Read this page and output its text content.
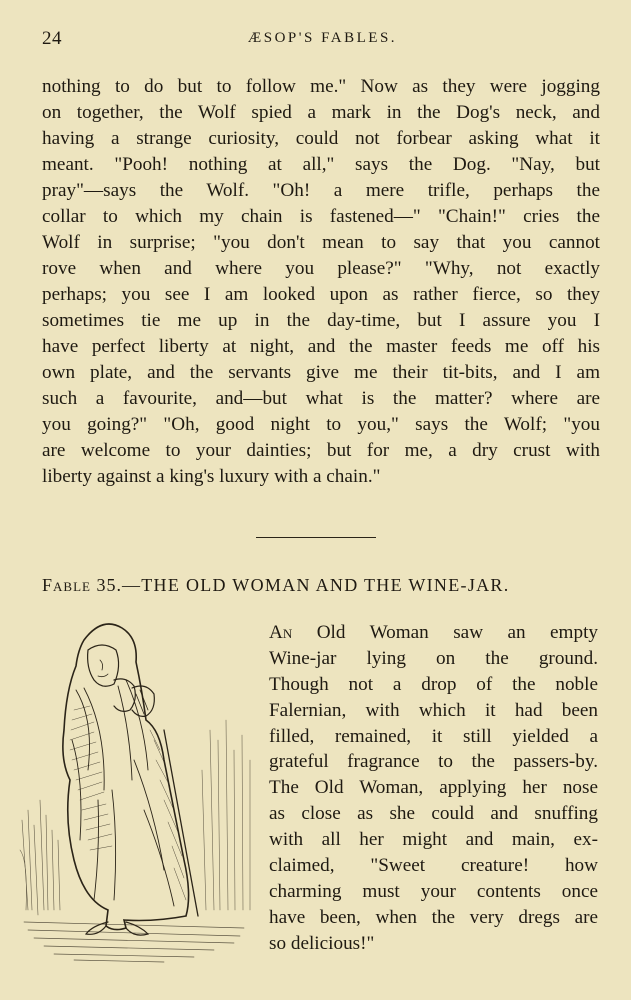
24	ÆSOP'S FABLES.
nothing to do but to follow me." Now as they were jogging
on together, the Wolf spied a mark in the Dog's neck, and
having a strange curiosity, could not forbear asking what it
meant. "Pooh! nothing at all," says the Dog. "Nay, but
pray"—says the Wolf. "Oh! a mere trifle, perhaps the
collar to which my chain is fastened—" "Chain!" cries the
Wolf in surprise; "you don't mean to say that you cannot
rove when and where you please?" "Why, not exactly
perhaps; you see I am looked upon as rather fierce, so they
sometimes tie me up in the day-time, but I assure you I
have perfect liberty at night, and the master feeds me off his
own plate, and the servants give me their tit-bits, and I am
such a favourite, and—but what is the matter? where are
you going?" "Oh, good night to you," says the Wolf; "you
are welcome to your dainties; but for me, a dry crust with
liberty against a king's luxury with a chain."
Fable 35.—THE OLD WOMAN AND THE WINE-JAR.
An Old Woman saw an empty
Wine-jar lying on the ground.
Though not a drop of the noble
Falernian, with which it had been
filled, remained, it still yielded a
grateful fragrance to the passers-by.
The Old Woman, applying her nose
as close as she could and snuffing
with all her might and main, ex-
claimed, "Sweet creature! how
charming must your contents once
have been, when the very dregs are
so delicious!"
